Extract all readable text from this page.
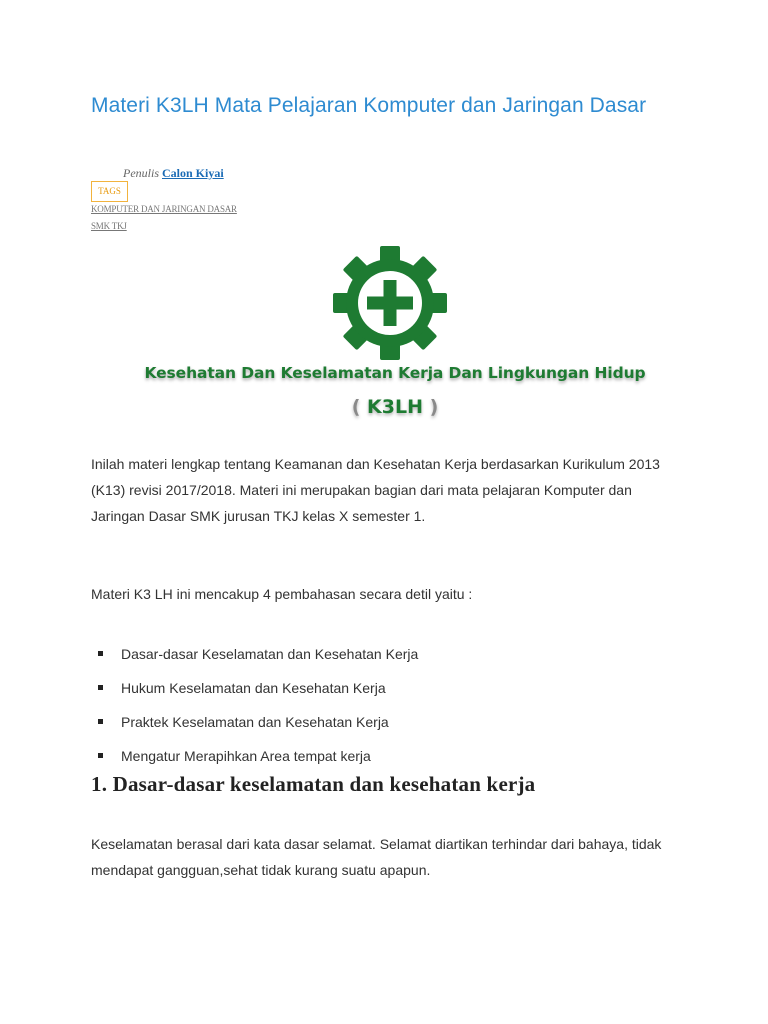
Materi K3LH Mata Pelajaran Komputer dan Jaringan Dasar
Penulis Calon Kiyai
TAGS
KOMPUTER DAN JARINGAN DASAR
SMK TKJ
Kesehatan Dan Keselamatan Kerja Dan Lingkungan Hidup
( K3LH )

Inilah materi lengkap tentang Keamanan dan Kesehatan Kerja berdasarkan Kurikulum 2013 (K13) revisi 2017/2018. Materi ini merupakan bagian dari mata pelajaran Komputer dan Jaringan Dasar SMK jurusan TKJ kelas X semester 1.

Materi K3 LH ini mencakup 4 pembahasan secara detil yaitu :

Dasar-dasar Keselamatan dan Kesehatan Kerja
Hukum Keselamatan dan Kesehatan Kerja
Praktek Keselamatan dan Kesehatan Kerja
Mengatur Merapihkan Area tempat kerja
1. Dasar-dasar keselamatan dan kesehatan kerja

Keselamatan berasal dari kata dasar selamat. Selamat diartikan terhindar dari bahaya, tidak mendapat gangguan,sehat tidak kurang suatu apapun.
